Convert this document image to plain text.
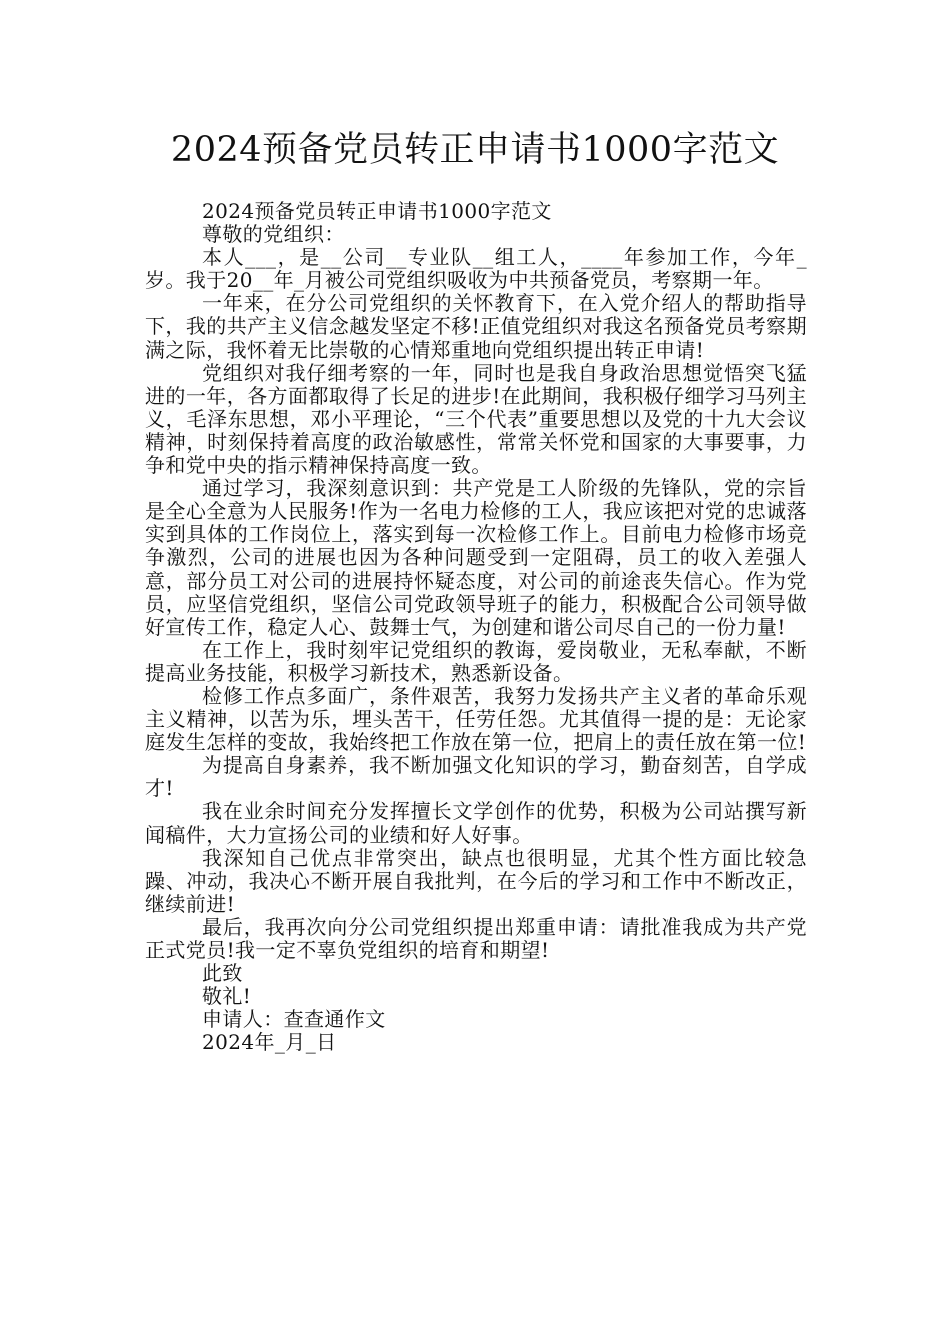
2024预备党员转正申请书1000字范文

2024预备党员转正申请书1000字范文

尊敬的党组织：

本人___，是__公司__专业队__组工人，____年参加工作，今年_岁。我于20__年_月被公司党组织吸收为中共预备党员，考察期一年。

一年来，在分公司党组织的关怀教育下，在入党介绍人的帮助指导下，我的共产主义信念越发坚定不移!正值党组织对我这名预备党员考察期满之际，我怀着无比崇敬的心情郑重地向党组织提出转正申请!

党组织对我仔细考察的一年，同时也是我自身政治思想觉悟突飞猛进的一年，各方面都取得了长足的进步!在此期间，我积极仔细学习马列主义，毛泽东思想，邓小平理论，“三个代表”重要思想以及党的十九大会议精神，时刻保持着高度的政治敏感性，常常关怀党和国家的大事要事，力争和党中央的指示精神保持高度一致。

通过学习，我深刻意识到：共产党是工人阶级的先锋队，党的宗旨是全心全意为人民服务!作为一名电力检修的工人，我应该把对党的忠诚落实到具体的工作岗位上，落实到每一次检修工作上。目前电力检修市场竞争激烈，公司的进展也因为各种问题受到一定阻碍，员工的收入差强人意，部分员工对公司的进展持怀疑态度，对公司的前途丧失信心。作为党员，应坚信党组织，坚信公司党政领导班子的能力，积极配合公司领导做好宣传工作，稳定人心、鼓舞士气，为创建和谐公司尽自己的一份力量!

在工作上，我时刻牢记党组织的教诲，爱岗敬业，无私奉献，不断提高业务技能，积极学习新技术，熟悉新设备。

检修工作点多面广，条件艰苦，我努力发扬共产主义者的革命乐观主义精神，以苦为乐，埋头苦干，任劳任怨。尤其值得一提的是：无论家庭发生怎样的变故，我始终把工作放在第一位，把肩上的责任放在第一位!

为提高自身素养，我不断加强文化知识的学习，勤奋刻苦，自学成才!

我在业余时间充分发挥擅长文学创作的优势，积极为公司站撰写新闻稿件，大力宣扬公司的业绩和好人好事。

我深知自己优点非常突出，缺点也很明显，尤其个性方面比较急躁、冲动，我决心不断开展自我批判，在今后的学习和工作中不断改正，继续前进!

最后，我再次向分公司党组织提出郑重申请：请批准我成为共产党正式党员!我一定不辜负党组织的培育和期望!

此致

敬礼!

申请人：查查通作文

2024年_月_日
